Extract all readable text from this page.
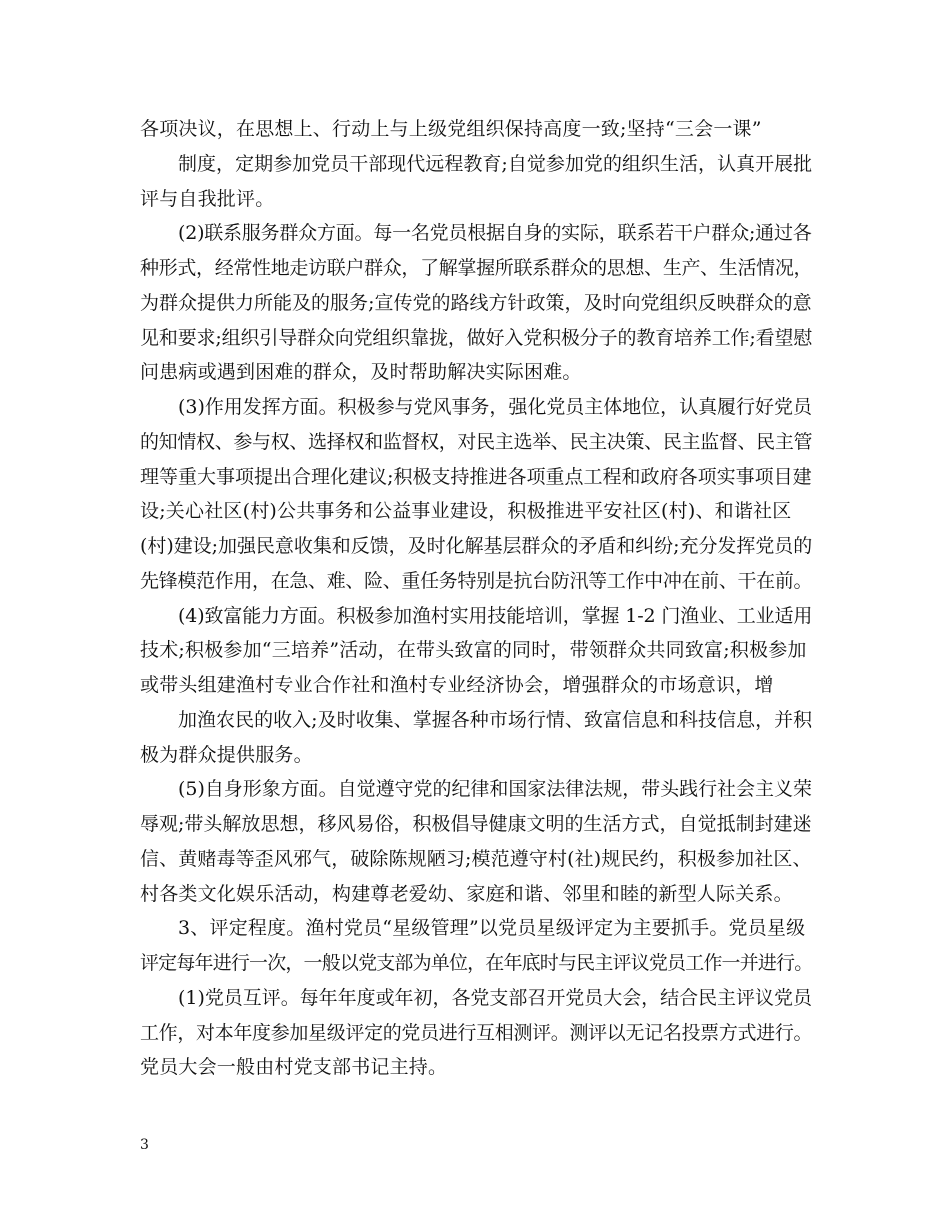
各项决议，在思想上、行动上与上级党组织保持高度一致;坚持“三会一课”
制度，定期参加党员干部现代远程教育;自觉参加党的组织生活，认真开展批
评与自我批评。
(2)联系服务群众方面。每一名党员根据自身的实际，联系若干户群众;通过各
种形式，经常性地走访联户群众，了解掌握所联系群众的思想、生产、生活情况，
为群众提供力所能及的服务;宣传党的路线方针政策，及时向党组织反映群众的意
见和要求;组织引导群众向党组织靠拢，做好入党积极分子的教育培养工作;看望慰
问患病或遇到困难的群众，及时帮助解决实际困难。
(3)作用发挥方面。积极参与党风事务，强化党员主体地位，认真履行好党员
的知情权、参与权、选择权和监督权，对民主选举、民主决策、民主监督、民主管
理等重大事项提出合理化建议;积极支持推进各项重点工程和政府各项实事项目建
设;关心社区(村)公共事务和公益事业建设，积极推进平安社区(村)、和谐社区
(村)建设;加强民意收集和反馈，及时化解基层群众的矛盾和纠纷;充分发挥党员的
先锋模范作用，在急、难、险、重任务特别是抗台防汛等工作中冲在前、干在前。
(4)致富能力方面。积极参加渔村实用技能培训，掌握 1-2 门渔业、工业适用
技术;积极参加“三培养”活动，在带头致富的同时，带领群众共同致富;积极参加
或带头组建渔村专业合作社和渔村专业经济协会，增强群众的市场意识，增
加渔农民的收入;及时收集、掌握各种市场行情、致富信息和科技信息，并积
极为群众提供服务。
(5)自身形象方面。自觉遵守党的纪律和国家法律法规，带头践行社会主义荣
辱观;带头解放思想，移风易俗，积极倡导健康文明的生活方式，自觉抵制封建迷
信、黄赌毒等歪风邪气，破除陈规陋习;模范遵守村(社)规民约，积极参加社区、
村各类文化娱乐活动，构建尊老爱幼、家庭和谐、邻里和睦的新型人际关系。
3、评定程度。渔村党员“星级管理”以党员星级评定为主要抓手。党员星级
评定每年进行一次，一般以党支部为单位，在年底时与民主评议党员工作一并进行。
(1)党员互评。每年年度或年初，各党支部召开党员大会，结合民主评议党员
工作，对本年度参加星级评定的党员进行互相测评。测评以无记名投票方式进行。
党员大会一般由村党支部书记主持。
3
